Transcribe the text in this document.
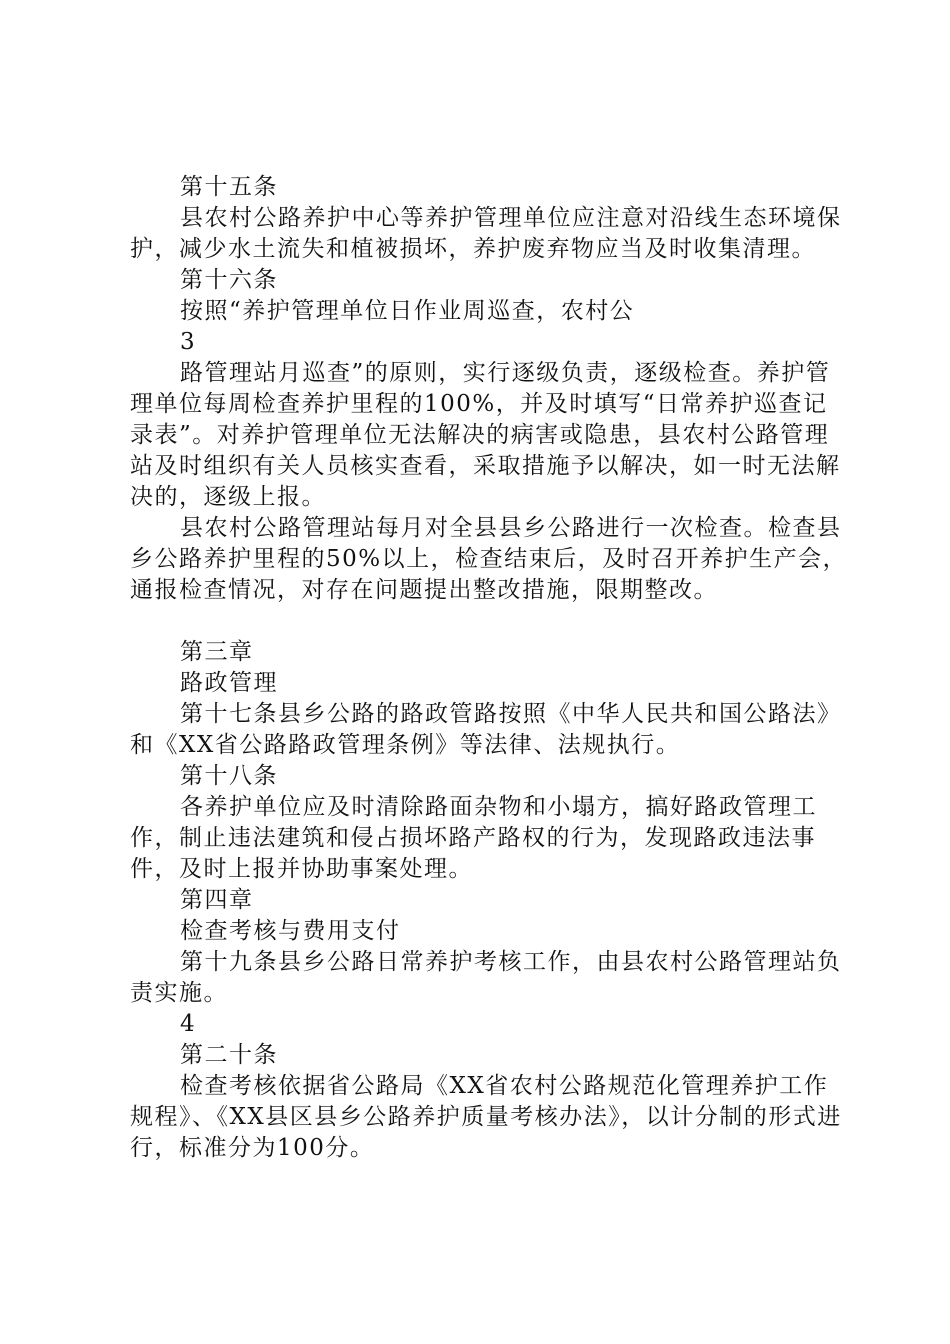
第十五条

县农村公路养护中心等养护管理单位应注意对沿线生态环境保护，减少水土流失和植被损坏，养护废弃物应当及时收集清理。

第十六条

按照“养护管理单位日作业周巡查，农村公

3

路管理站月巡查”的原则，实行逐级负责，逐级检查。养护管理单位每周检查养护里程的100%，并及时填写“日常养护巡查记录表”。对养护管理单位无法解决的病害或隐患，县农村公路管理站及时组织有关人员核实查看，采取措施予以解决，如一时无法解决的，逐级上报。

县农村公路管理站每月对全县县乡公路进行一次检查。检查县乡公路养护里程的50%以上，检查结束后，及时召开养护生产会，通报检查情况，对存在问题提出整改措施，限期整改。

第三章

路政管理

第十七条县乡公路的路政管路按照《中华人民共和国公路法》和《XX省公路路政管理条例》等法律、法规执行。

第十八条

各养护单位应及时清除路面杂物和小塌方，搞好路政管理工作，制止违法建筑和侵占损坏路产路权的行为，发现路政违法事件，及时上报并协助事案处理。

第四章

检查考核与费用支付

第十九条县乡公路日常养护考核工作，由县农村公路管理站负责实施。

4

第二十条

检查考核依据省公路局《XX省农村公路规范化管理养护工作规程》、《XX县区县乡公路养护质量考核办法》，以计分制的形式进行，标准分为100分。
